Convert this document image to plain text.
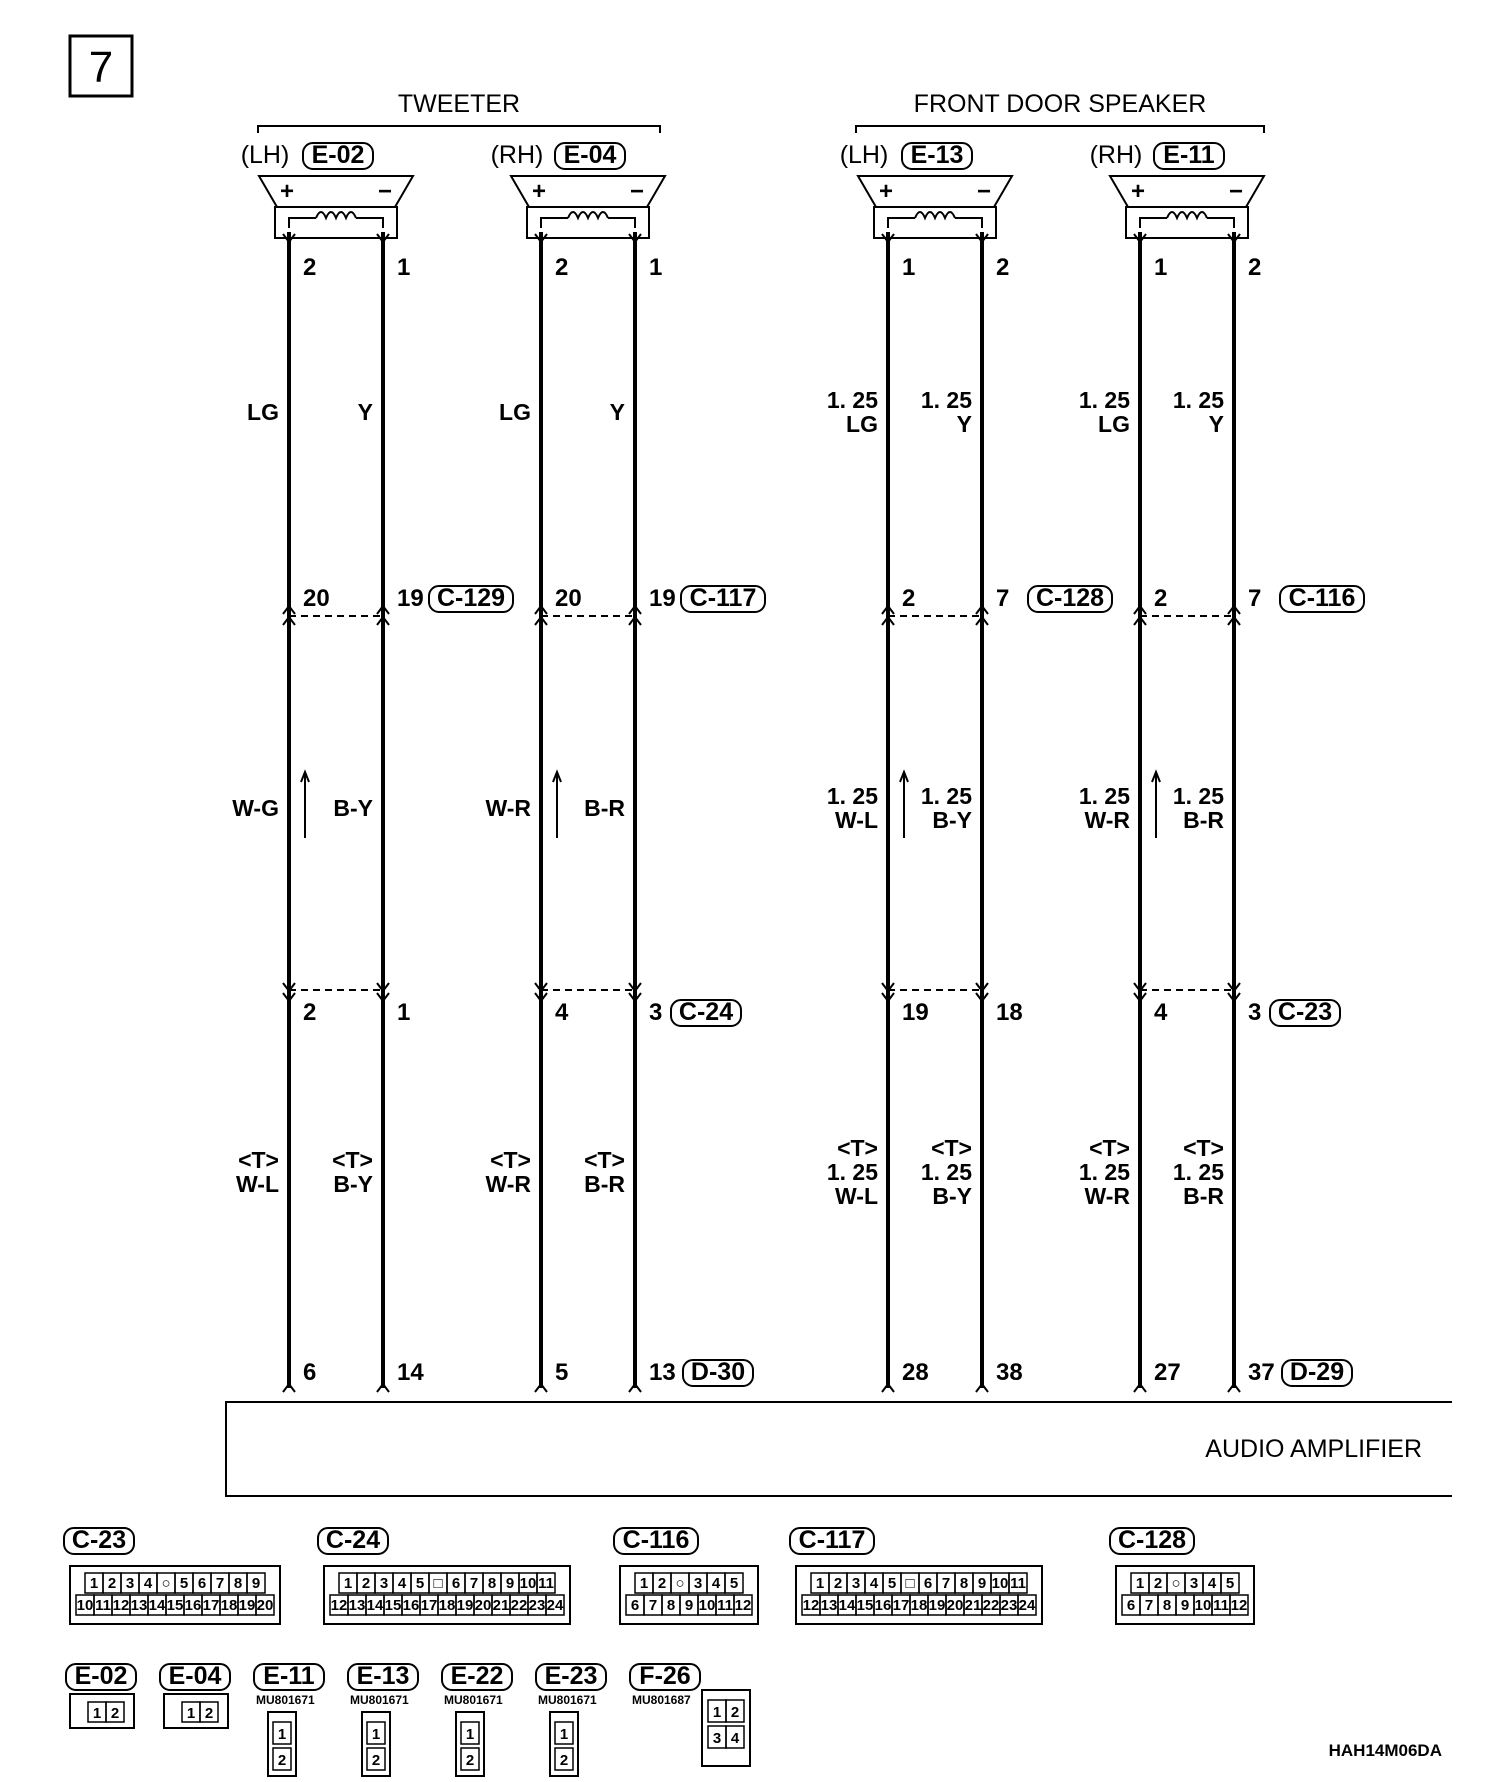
7
TWEETER	FRONT DOOR SPEAKER
+	−
(LH) E-02
+	−
(RH) E-04
+	−
(LH) E-13
+	−
(RH) E-11
2
20
2
6
LG
W-G
<T>
W-L
1
19
1
14
Y
B-Y
<T>
B-Y
2
20
4
5
LG
W-R
<T>
W-R
1
19
3
13
Y
B-R
<T>
B-R
1
2
19
28
1. 25
LG
1. 25
W-L
<T>
1. 25
W-L
2
7
18
38
1. 25
Y
1. 25
B-Y
<T>
1. 25
B-Y
1
2
4
27
1. 25
LG
1. 25
W-R
<T>
1. 25
W-R
2
7
3
37
1. 25
Y
1. 25
B-R
<T>
1. 25
B-R
C-129	C-117	C-128	C-116
C-24	C-23
D-30	D-29
AUDIO AMPLIFIER
C-23
1 2 3 4 ○ 5 6 7 8 9
10 11 12 13 14 15 16 17 18 19 20
C-24
1 2 3 4 5 □ 6 7 8 9 10 11
12 13 14 15 16 17 18 19 20 21 22 23 24
C-116
1 2 ○ 3 4 5
6 7 8 9 10 11 12
C-117
1 2 3 4 5 □ 6 7 8 9 10 11
12 13 14 15 16 17 18 19 20 21 22 23 24
C-128
1 2 ○ 3 4 5
6 7 8 9 10 11 12
E-02
1 2
E-04
1 2
E-11
MU801671
1
2
E-13
MU801671
1
2
E-22
MU801671
1
2
E-23
MU801671
1
2
F-26
MU801687
1 2
3 4
HAH14M06DA
